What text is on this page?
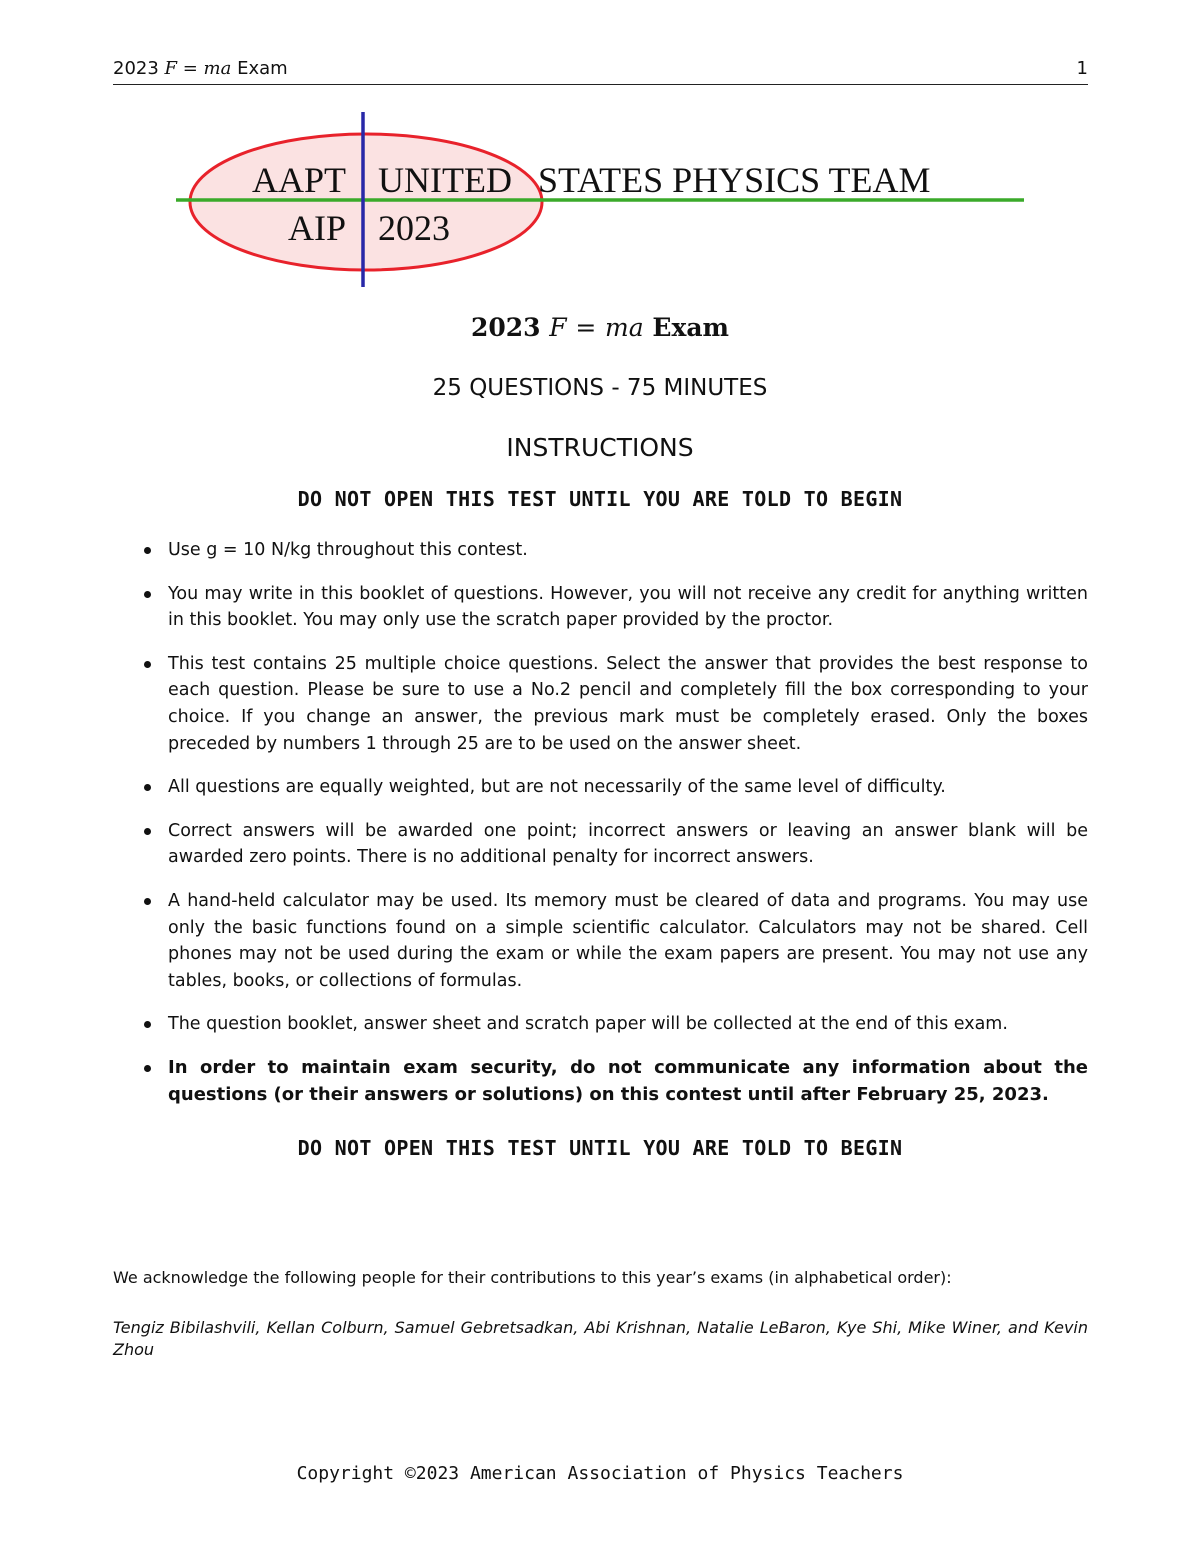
2023 F = ma Exam	1
AAPT
AIP
UNITED STATES PHYSICS TEAM
2023
2023 F = ma Exam
25 QUESTIONS - 75 MINUTES
INSTRUCTIONS
DO NOT OPEN THIS TEST UNTIL YOU ARE TOLD TO BEGIN
Use g = 10 N/kg throughout this contest.
You may write in this booklet of questions. However, you will not receive any credit for anything written in this booklet. You may only use the scratch paper provided by the proctor.
This test contains 25 multiple choice questions. Select the answer that provides the best response to each question. Please be sure to use a No.2 pencil and completely fill the box corresponding to your choice. If you change an answer, the previous mark must be completely erased. Only the boxes preceded by numbers 1 through 25 are to be used on the answer sheet.
All questions are equally weighted, but are not necessarily of the same level of difficulty.
Correct answers will be awarded one point; incorrect answers or leaving an answer blank will be awarded zero points. There is no additional penalty for incorrect answers.
A hand-held calculator may be used. Its memory must be cleared of data and programs. You may use only the basic functions found on a simple scientific calculator. Calculators may not be shared. Cell phones may not be used during the exam or while the exam papers are present. You may not use any tables, books, or collections of formulas.
The question booklet, answer sheet and scratch paper will be collected at the end of this exam.
In order to maintain exam security, do not communicate any information about the questions (or their answers or solutions) on this contest until after February 25, 2023.
DO NOT OPEN THIS TEST UNTIL YOU ARE TOLD TO BEGIN
We acknowledge the following people for their contributions to this year’s exams (in alphabetical order):
Tengiz Bibilashvili, Kellan Colburn, Samuel Gebretsadkan, Abi Krishnan, Natalie LeBaron, Kye Shi, Mike Winer, and Kevin Zhou
Copyright ©2023 American Association of Physics Teachers
